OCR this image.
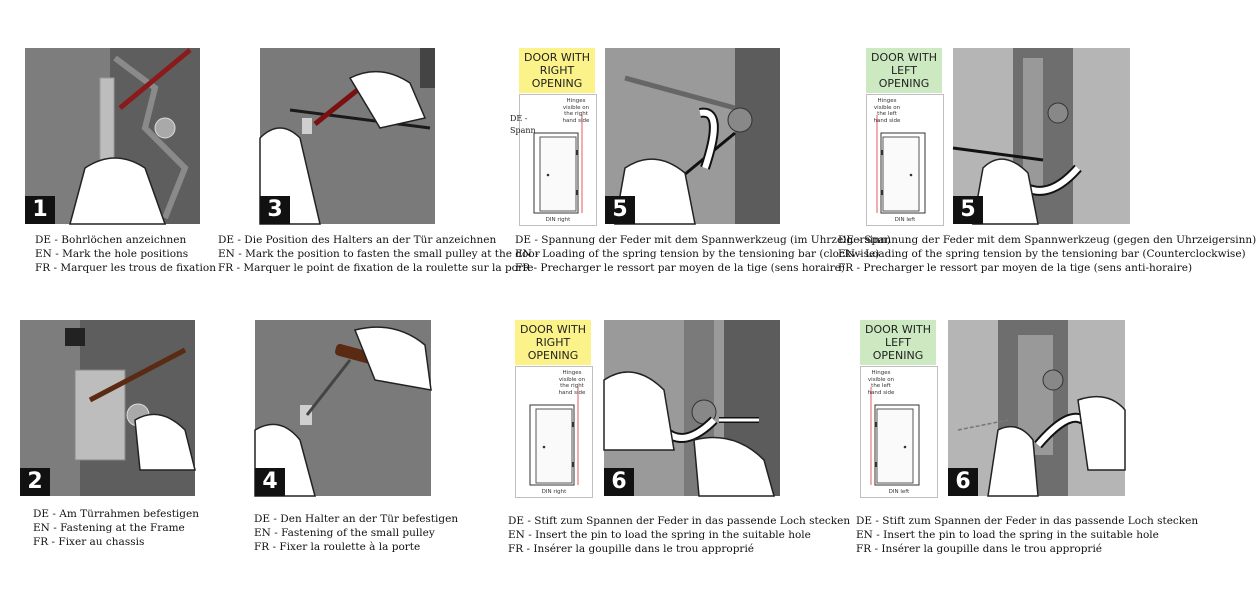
1
DE - Bohrlöchen anzeichnen
EN - Mark the hole positions
FR - Marquer les trous de fixation
3
DE - Die Position des Halters an der Tür anzeichnen
EN - Mark the position to fasten the small pulley at the door
FR - Marquer le point de fixation de la roulette sur la porte
DOOR WITH RIGHT OPENING
Hinges visible on the right hand side
DIN right	5
DE -
Spann
DE - Spannung der Feder mit dem Spannwerkzeug (im Uhrzeigersinn)
EN - Loading of the spring tension by the tensioning bar (clockwise)
FR - Precharger le ressort par moyen de la tige (sens horaire)
DOOR WITH LEFT OPENING
Hinges visible on the left hand side
DIN left	5
DE - Spannung der Feder mit dem Spannwerkzeug (gegen den Uhrzeigersinn)
EN - Loading of the spring tension by the tensioning bar (Counterclockwise)
FR - Precharger le ressort par moyen de la tige (sens anti-horaire)
2
DE - Am Türrahmen befestigen
EN - Fastening at the Frame
FR - Fixer au chassis
4
DE - Den Halter an der Tür befestigen
EN - Fastening of the small pulley
FR - Fixer la roulette à la porte
DOOR WITH RIGHT OPENING
Hinges visible on the right hand side
DIN right	6
DE - Stift zum Spannen der Feder in das passende Loch stecken
EN - Insert the pin to load the spring in the suitable hole
FR - Insérer la goupille dans le trou approprié
DOOR WITH LEFT OPENING
Hinges visible on the left hand side
DIN left	6
DE - Stift zum Spannen der Feder in das passende Loch stecken
EN - Insert the pin to load the spring in the suitable hole
FR - Insérer la goupille dans le trou approprié
